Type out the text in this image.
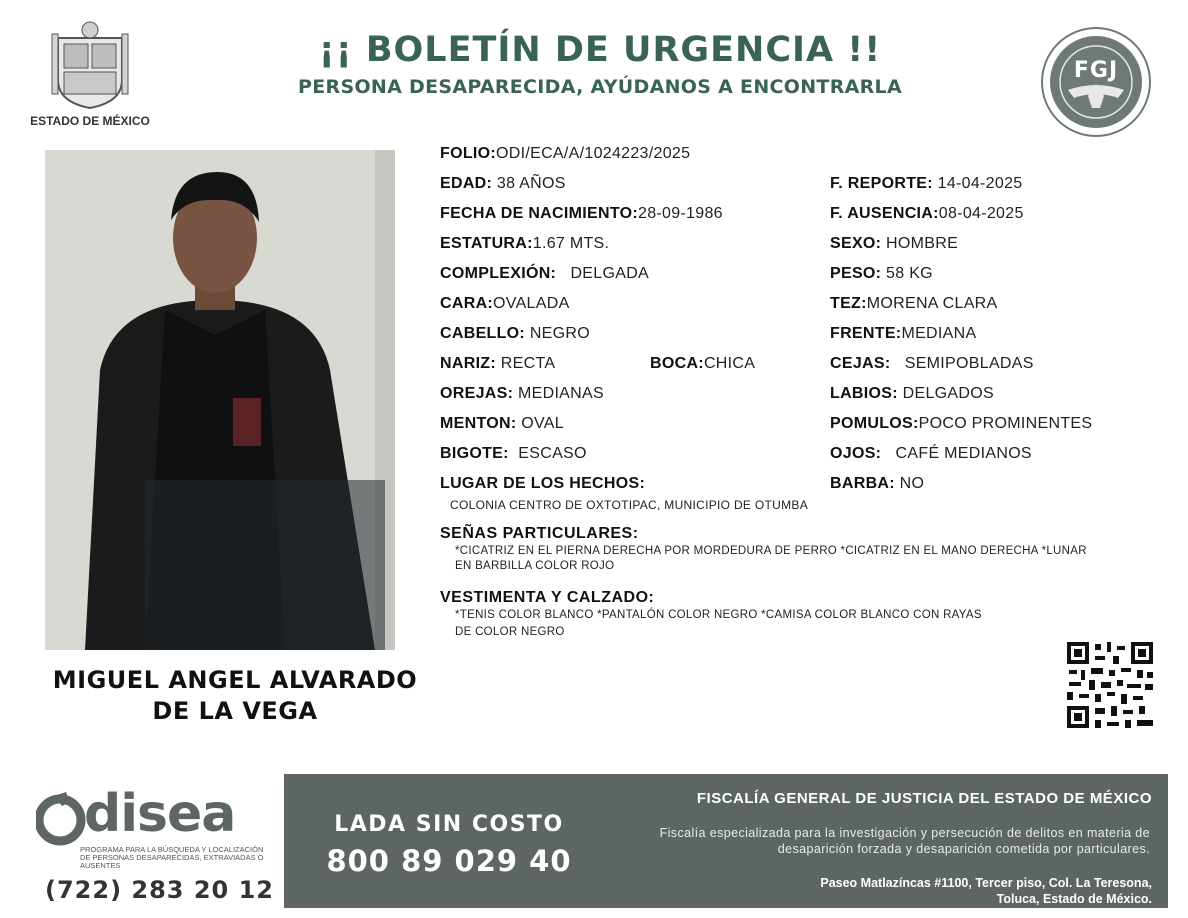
ESTADO DE MÉXICO
¡¡ BOLETÍN DE URGENCIA !!
PERSONA DESAPARECIDA, AYÚDANOS A ENCONTRARLA
FGJ
MIGUEL ANGEL ALVARADO
DE LA VEGA
FOLIO:ODI/ECA/A/1024223/2025
EDAD: 38 AÑOS	F. REPORTE: 14-04-2025
FECHA DE NACIMIENTO:28-09-1986	F. AUSENCIA:08-04-2025
ESTATURA:1.67 MTS.	SEXO: HOMBRE
COMPLEXIÓN: DELGADA	PESO: 58 KG
CARA:OVALADA	TEZ:MORENA CLARA
CABELLO: NEGRO	FRENTE:MEDIANA
NARIZ: RECTA	BOCA:CHICA	CEJAS: SEMIPOBLADAS
OREJAS: MEDIANAS	LABIOS: DELGADOS
MENTON: OVAL	POMULOS:POCO PROMINENTES
BIGOTE: ESCASO	OJOS: CAFÉ MEDIANOS
LUGAR DE LOS HECHOS:	BARBA: NO
COLONIA CENTRO DE OXTOTIPAC, MUNICIPIO DE OTUMBA
SEÑAS PARTICULARES:
*CICATRIZ EN EL PIERNA DERECHA POR MORDEDURA DE PERRO *CICATRIZ EN EL MANO DERECHA *LUNAR
EN BARBILLA COLOR ROJO
VESTIMENTA Y CALZADO:
*TENIS COLOR BLANCO *PANTALÓN COLOR NEGRO *CAMISA COLOR BLANCO CON RAYAS
DE COLOR NEGRO
disea
PROGRAMA PARA LA BÚSQUEDA Y LOCALIZACIÓN DE PERSONAS DESAPARECIDAS, EXTRAVIADAS O AUSENTES
(722) 283 20 12
LADA SIN COSTO
800 89 029 40
FISCALÍA GENERAL DE JUSTICIA DEL ESTADO DE MÉXICO
Fiscalía especializada para la investigación y persecución de delitos en materia de desaparición forzada y desaparición cometida por particulares.
Paseo Matlazíncas #1100, Tercer piso, Col. La Teresona,
Toluca, Estado de México.
